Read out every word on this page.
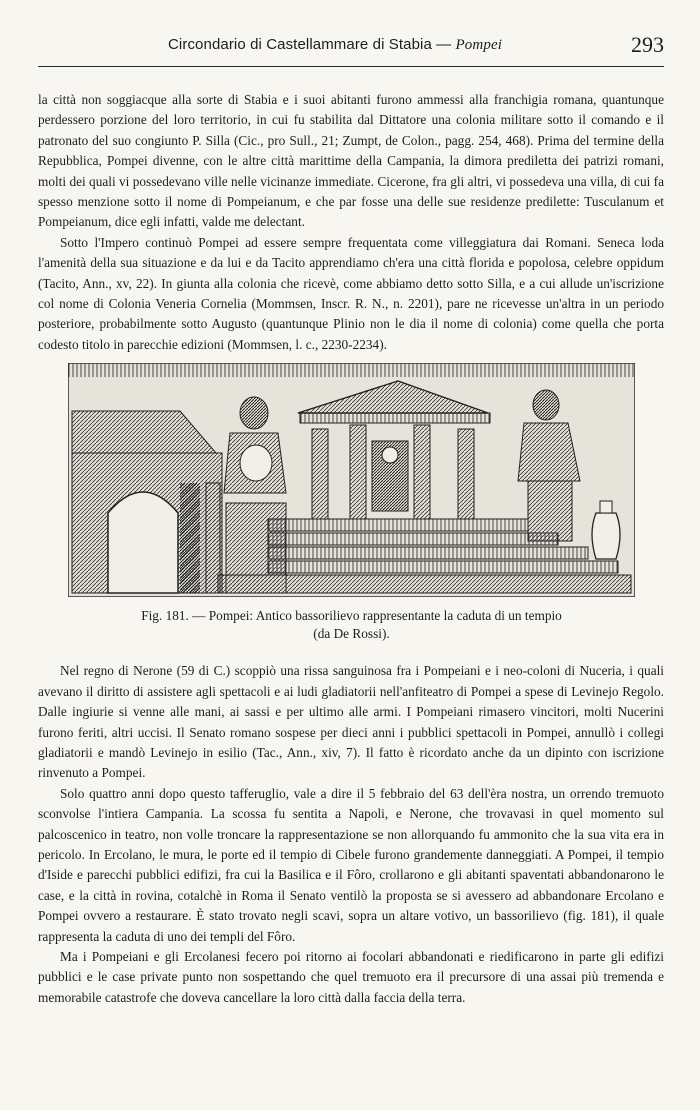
Circondario di Castellammare di Stabia — Pompei	293

la città non soggiacque alla sorte di Stabia e i suoi abitanti furono ammessi alla franchigia romana, quantunque perdessero porzione del loro territorio, in cui fu stabilita dal Dittatore una colonia militare sotto il comando e il patronato del suo congiunto P. Silla (Cic., pro Sull., 21; Zumpt, de Colon., pagg. 254, 468). Prima del termine della Repubblica, Pompei divenne, con le altre città marittime della Campania, la dimora prediletta dei patrizi romani, molti dei quali vi possedevano ville nelle vicinanze immediate. Cicerone, fra gli altri, vi possedeva una villa, di cui fa spesso menzione sotto il nome di Pompeianum, e che par fosse una delle sue residenze predilette: Tusculanum et Pompeianum, dice egli infatti, valde me delectant.

Sotto l'Impero continuò Pompei ad essere sempre frequentata come villeggiatura dai Romani. Seneca loda l'amenità della sua situazione e da lui e da Tacito apprendiamo ch'era una città florida e popolosa, celebre oppidum (Tacito, Ann., xv, 22). In giunta alla colonia che ricevè, come abbiamo detto sotto Silla, e a cui allude un'iscrizione col nome di Colonia Veneria Cornelia (Mommsen, Inscr. R. N., n. 2201), pare ne ricevesse un'altra in un periodo posteriore, probabilmente sotto Augusto (quantunque Plinio non le dia il nome di colonia) come quella che porta codesto titolo in parecchie edizioni (Mommsen, l. c., 2230-2234).

Fig. 181. — Pompei: Antico bassorilievo rappresentante la caduta di un tempio
(da De Rossi).

Nel regno di Nerone (59 di C.) scoppiò una rissa sanguinosa fra i Pompeiani e i neo-coloni di Nuceria, i quali avevano il diritto di assistere agli spettacoli e ai ludi gladiatorii nell'anfiteatro di Pompei a spese di Levinejo Regolo. Dalle ingiurie si venne alle mani, ai sassi e per ultimo alle armi. I Pompeiani rimasero vincitori, molti Nucerini furono feriti, altri uccisi. Il Senato romano sospese per dieci anni i pubblici spettacoli in Pompei, annullò i collegi gladiatorii e mandò Levinejo in esilio (Tac., Ann., xiv, 7). Il fatto è ricordato anche da un dipinto con iscrizione rinvenuto a Pompei.

Solo quattro anni dopo questo tafferuglio, vale a dire il 5 febbraio del 63 dell'èra nostra, un orrendo tremuoto sconvolse l'intiera Campania. La scossa fu sentita a Napoli, e Nerone, che trovavasi in quel momento sul palcoscenico in teatro, non volle troncare la rappresentazione se non allorquando fu ammonito che la sua vita era in pericolo. In Ercolano, le mura, le porte ed il tempio di Cibele furono grandemente danneggiati. A Pompei, il tempio d'Iside e parecchi pubblici edifizi, fra cui la Basilica e il Fôro, crollarono e gli abitanti spaventati abbandonarono le case, e la città in rovina, cotalchè in Roma il Senato ventilò la proposta se si avessero ad abbandonare Ercolano e Pompei ovvero a restaurare. È stato trovato negli scavi, sopra un altare votivo, un bassorilievo (fig. 181), il quale rappresenta la caduta di uno dei templi del Fôro.

Ma i Pompeiani e gli Ercolanesi fecero poi ritorno ai focolari abbandonati e riedificarono in parte gli edifizi pubblici e le case private punto non sospettando che quel tremuoto era il precursore di una assai più tremenda e memorabile catastrofe che doveva cancellare la loro città dalla faccia della terra.
